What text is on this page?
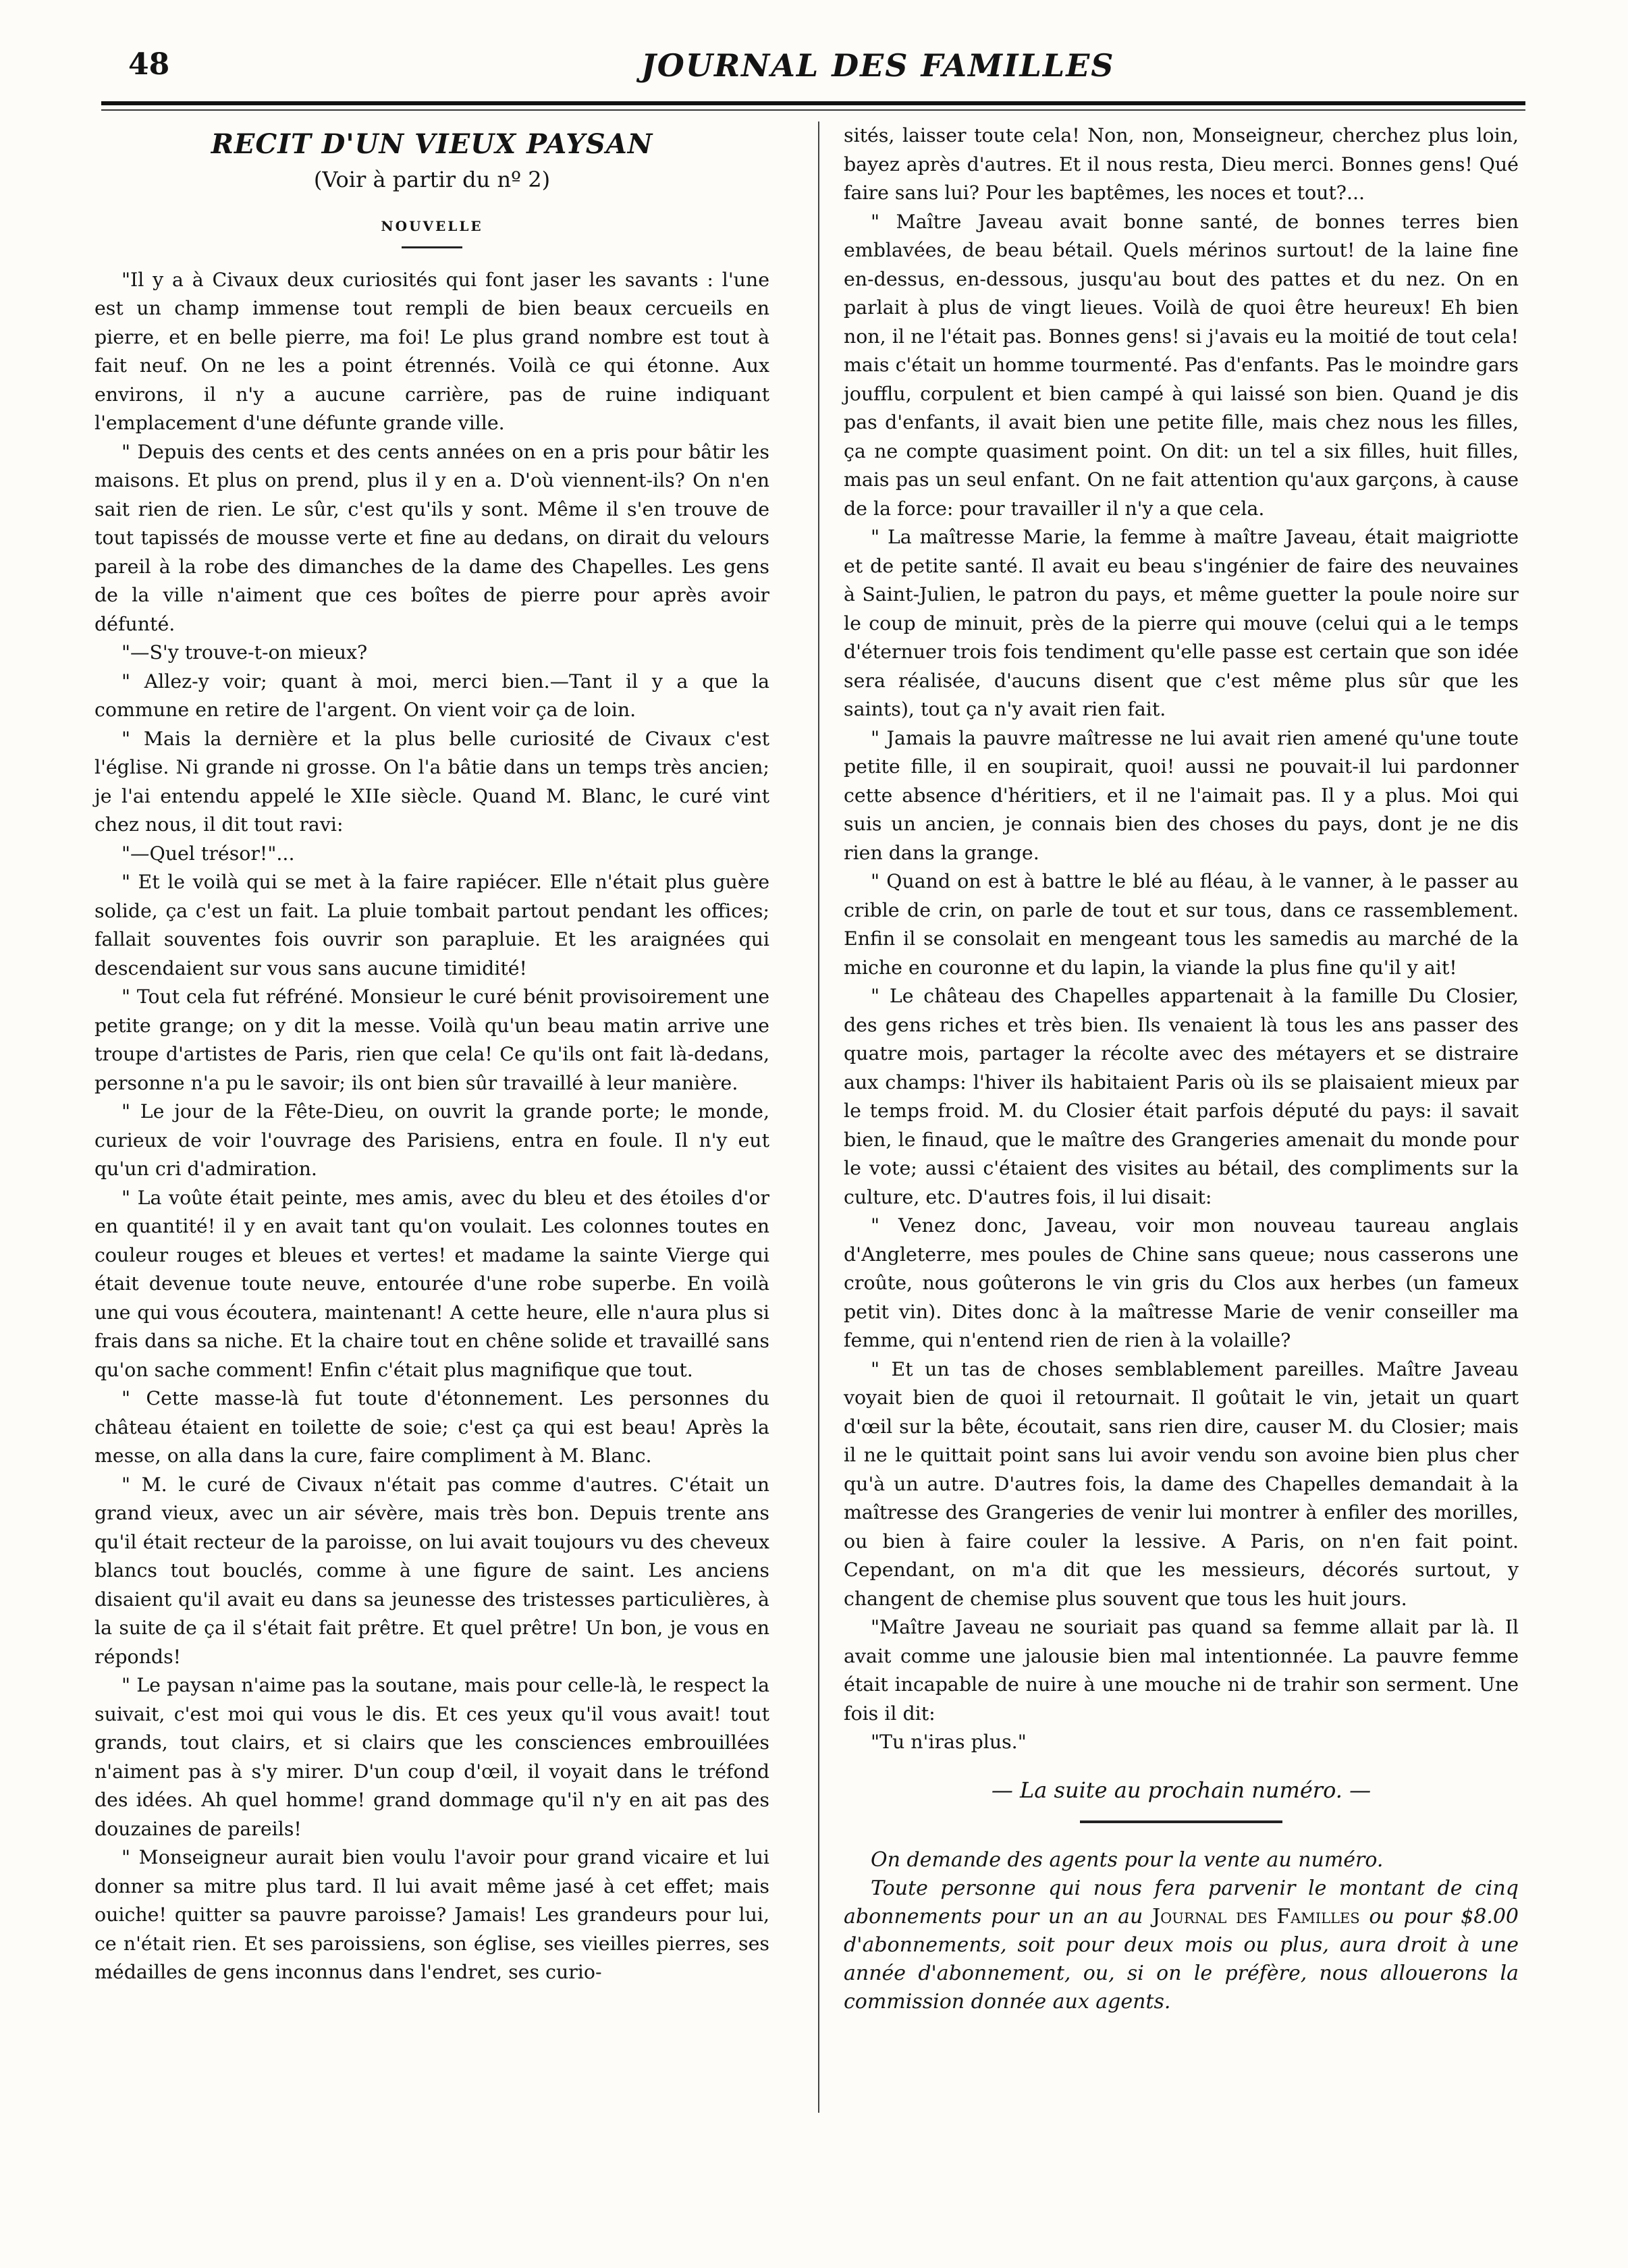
48	JOURNAL DES FAMILLES
RECIT D'UN VIEUX PAYSAN
(Voir à partir du nº 2)
NOUVELLE

"Il y a à Civaux deux curiosités qui font jaser les savants : l'une est un champ immense tout rempli de bien beaux cercueils en pierre, et en belle pierre, ma foi! Le plus grand nombre est tout à fait neuf. On ne les a point étrennés. Voilà ce qui étonne. Aux environs, il n'y a aucune carrière, pas de ruine indiquant l'emplacement d'une défunte grande ville.

" Depuis des cents et des cents années on en a pris pour bâtir les maisons. Et plus on prend, plus il y en a. D'où viennent-ils? On n'en sait rien de rien. Le sûr, c'est qu'ils y sont. Même il s'en trouve de tout tapissés de mousse verte et fine au dedans, on dirait du velours pareil à la robe des dimanches de la dame des Chapelles. Les gens de la ville n'aiment que ces boîtes de pierre pour après avoir défunté.

"—S'y trouve-t-on mieux?

" Allez-y voir; quant à moi, merci bien.—Tant il y a que la commune en retire de l'argent. On vient voir ça de loin.

" Mais la dernière et la plus belle curiosité de Civaux c'est l'église. Ni grande ni grosse. On l'a bâtie dans un temps très ancien; je l'ai entendu appelé le XIIe siècle. Quand M. Blanc, le curé vint chez nous, il dit tout ravi:

"—Quel trésor!"...

" Et le voilà qui se met à la faire rapiécer. Elle n'était plus guère solide, ça c'est un fait. La pluie tombait partout pendant les offices; fallait souventes fois ouvrir son parapluie. Et les araignées qui descendaient sur vous sans aucune timidité!

" Tout cela fut réfréné. Monsieur le curé bénit provisoirement une petite grange; on y dit la messe. Voilà qu'un beau matin arrive une troupe d'artistes de Paris, rien que cela! Ce qu'ils ont fait là-dedans, personne n'a pu le savoir; ils ont bien sûr travaillé à leur manière.

" Le jour de la Fête-Dieu, on ouvrit la grande porte; le monde, curieux de voir l'ouvrage des Parisiens, entra en foule. Il n'y eut qu'un cri d'admiration.

" La voûte était peinte, mes amis, avec du bleu et des étoiles d'or en quantité! il y en avait tant qu'on voulait. Les colonnes toutes en couleur rouges et bleues et vertes! et madame la sainte Vierge qui était devenue toute neuve, entourée d'une robe superbe. En voilà une qui vous écoutera, maintenant! A cette heure, elle n'aura plus si frais dans sa niche. Et la chaire tout en chêne solide et travaillé sans qu'on sache comment! Enfin c'était plus magnifique que tout.

" Cette masse-là fut toute d'étonnement. Les personnes du château étaient en toilette de soie; c'est ça qui est beau! Après la messe, on alla dans la cure, faire compliment à M. Blanc.

" M. le curé de Civaux n'était pas comme d'autres. C'était un grand vieux, avec un air sévère, mais très bon. Depuis trente ans qu'il était recteur de la paroisse, on lui avait toujours vu des cheveux blancs tout bouclés, comme à une figure de saint. Les anciens disaient qu'il avait eu dans sa jeunesse des tristesses particulières, à la suite de ça il s'était fait prêtre. Et quel prêtre! Un bon, je vous en réponds!

" Le paysan n'aime pas la soutane, mais pour celle-là, le respect la suivait, c'est moi qui vous le dis. Et ces yeux qu'il vous avait! tout grands, tout clairs, et si clairs que les consciences embrouillées n'aiment pas à s'y mirer. D'un coup d'œil, il voyait dans le tréfond des idées. Ah quel homme! grand dommage qu'il n'y en ait pas des douzaines de pareils!

" Monseigneur aurait bien voulu l'avoir pour grand vicaire et lui donner sa mitre plus tard. Il lui avait même jasé à cet effet; mais ouiche! quitter sa pauvre paroisse? Jamais! Les grandeurs pour lui, ce n'était rien. Et ses paroissiens, son église, ses vieilles pierres, ses médailles de gens inconnus dans l'endret, ses curio-

sités, laisser toute cela! Non, non, Monseigneur, cherchez plus loin, bayez après d'autres. Et il nous resta, Dieu merci. Bonnes gens! Qué faire sans lui? Pour les baptêmes, les noces et tout?...

" Maître Javeau avait bonne santé, de bonnes terres bien emblavées, de beau bétail. Quels mérinos surtout! de la laine fine en-dessus, en-dessous, jusqu'au bout des pattes et du nez. On en parlait à plus de vingt lieues. Voilà de quoi être heureux! Eh bien non, il ne l'était pas. Bonnes gens! si j'avais eu la moitié de tout cela! mais c'était un homme tourmenté. Pas d'enfants. Pas le moindre gars joufflu, corpulent et bien campé à qui laissé son bien. Quand je dis pas d'enfants, il avait bien une petite fille, mais chez nous les filles, ça ne compte quasiment point. On dit: un tel a six filles, huit filles, mais pas un seul enfant. On ne fait attention qu'aux garçons, à cause de la force: pour travailler il n'y a que cela.

" La maîtresse Marie, la femme à maître Javeau, était maigriotte et de petite santé. Il avait eu beau s'ingénier de faire des neuvaines à Saint-Julien, le patron du pays, et même guetter la poule noire sur le coup de minuit, près de la pierre qui mouve (celui qui a le temps d'éternuer trois fois tendiment qu'elle passe est certain que son idée sera réalisée, d'aucuns disent que c'est même plus sûr que les saints), tout ça n'y avait rien fait.

" Jamais la pauvre maîtresse ne lui avait rien amené qu'une toute petite fille, il en soupirait, quoi! aussi ne pouvait-il lui pardonner cette absence d'héritiers, et il ne l'aimait pas. Il y a plus. Moi qui suis un ancien, je connais bien des choses du pays, dont je ne dis rien dans la grange.

" Quand on est à battre le blé au fléau, à le vanner, à le passer au crible de crin, on parle de tout et sur tous, dans ce rassemblement. Enfin il se consolait en mengeant tous les samedis au marché de la miche en couronne et du lapin, la viande la plus fine qu'il y ait!

" Le château des Chapelles appartenait à la famille Du Closier, des gens riches et très bien. Ils venaient là tous les ans passer des quatre mois, partager la récolte avec des métayers et se distraire aux champs: l'hiver ils habitaient Paris où ils se plaisaient mieux par le temps froid. M. du Closier était parfois député du pays: il savait bien, le finaud, que le maître des Grangeries amenait du monde pour le vote; aussi c'étaient des visites au bétail, des compliments sur la culture, etc. D'autres fois, il lui disait:

" Venez donc, Javeau, voir mon nouveau taureau anglais d'Angleterre, mes poules de Chine sans queue; nous casserons une croûte, nous goûterons le vin gris du Clos aux herbes (un fameux petit vin). Dites donc à la maîtresse Marie de venir conseiller ma femme, qui n'entend rien de rien à la volaille?

" Et un tas de choses semblablement pareilles. Maître Javeau voyait bien de quoi il retournait. Il goûtait le vin, jetait un quart d'œil sur la bête, écoutait, sans rien dire, causer M. du Closier; mais il ne le quittait point sans lui avoir vendu son avoine bien plus cher qu'à un autre. D'autres fois, la dame des Chapelles demandait à la maîtresse des Grangeries de venir lui montrer à enfiler des morilles, ou bien à faire couler la lessive. A Paris, on n'en fait point. Cependant, on m'a dit que les messieurs, décorés surtout, y changent de chemise plus souvent que tous les huit jours.

"Maître Javeau ne souriait pas quand sa femme allait par là. Il avait comme une jalousie bien mal intentionnée. La pauvre femme était incapable de nuire à une mouche ni de trahir son serment. Une fois il dit:

"Tu n'iras plus."

— La suite au prochain numéro. —

On demande des agents pour la vente au numéro.

Toute personne qui nous fera parvenir le montant de cinq abonnements pour un an au Journal des Familles ou pour $8.00 d'abonnements, soit pour deux mois ou plus, aura droit à une année d'abonnement, ou, si on le préfère, nous allouerons la commission donnée aux agents.
